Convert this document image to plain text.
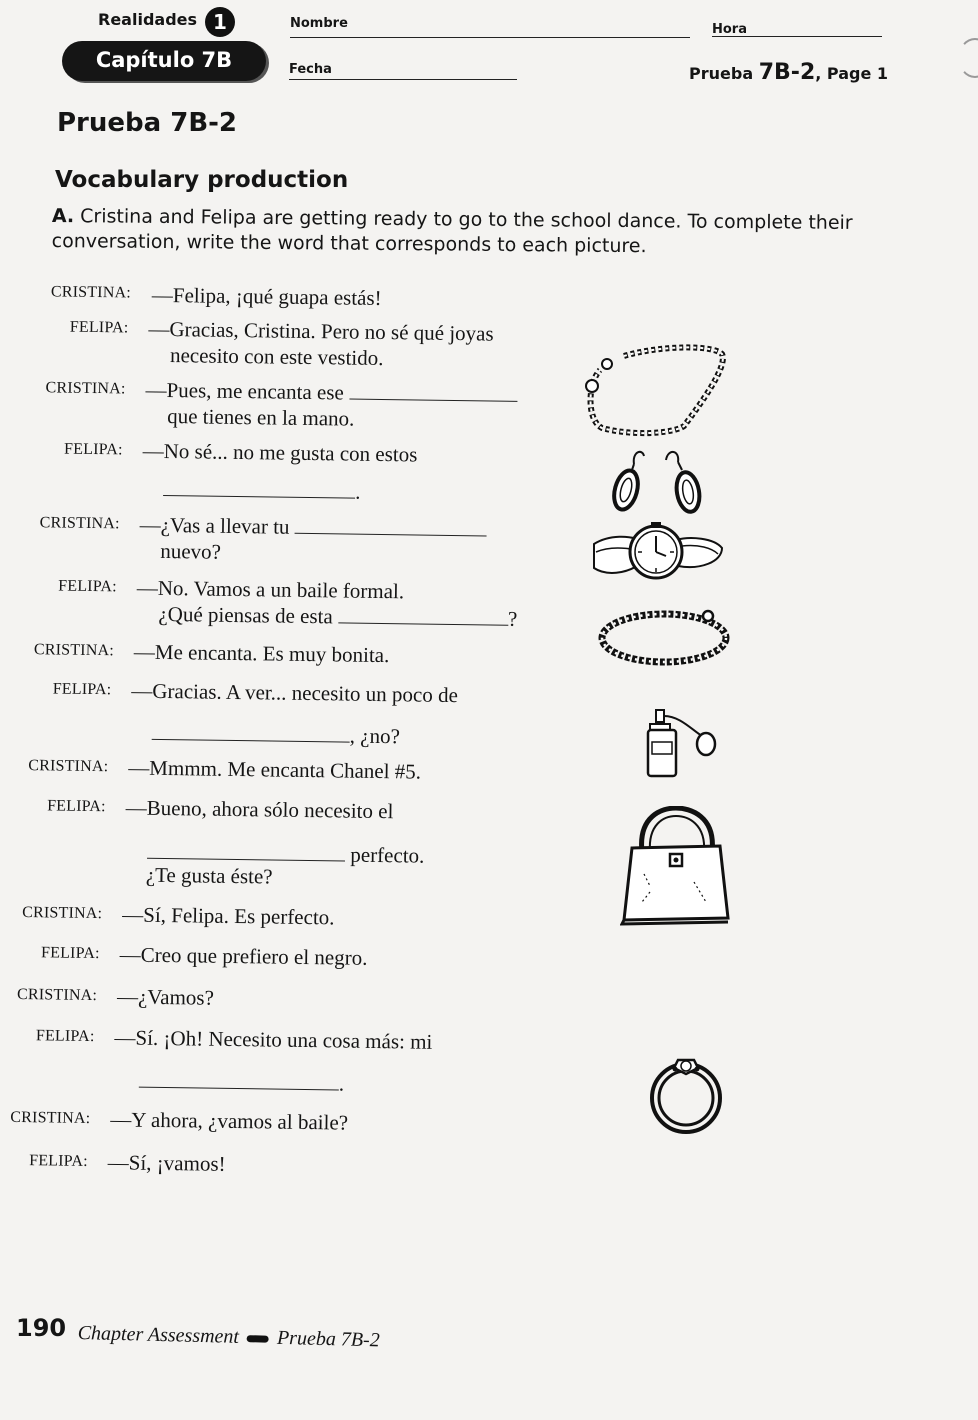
Realidades 1
Capítulo 7B
Nombre	Hora
Fecha	Prueba 7B-2, Page 1
Prueba 7B-2
Vocabulary production
A. Cristina and Felipa are getting ready to go to the school dance. To complete their conversation, write the word that corresponds to each picture.
CRISTINA: —Felipa, ¡qué guapa estás!
FELIPA: —Gracias, Cristina. Pero no sé qué joyas
necesito con este vestido.
CRISTINA: —Pues, me encanta ese
que tienes en la mano.
FELIPA: —No sé... no me gusta con estos
.
CRISTINA: —¿Vas a llevar tu
nuevo?
FELIPA: —No. Vamos a un baile formal.
¿Qué piensas de esta	?
CRISTINA: —Me encanta. Es muy bonita.
FELIPA: —Gracias. A ver... necesito un poco de
, ¿no?
CRISTINA: —Mmmm. Me encanta Chanel #5.
FELIPA: —Bueno, ahora sólo necesito el
perfecto.
¿Te gusta éste?
CRISTINA: —Sí, Felipa. Es perfecto.
FELIPA: —Creo que prefiero el negro.
CRISTINA: —¿Vamos?
FELIPA: —Sí. ¡Oh! Necesito una cosa más: mi
.
CRISTINA: —Y ahora, ¿vamos al baile?
FELIPA: —Sí, ¡vamos!
190 Chapter Assessment Prueba 7B-2
